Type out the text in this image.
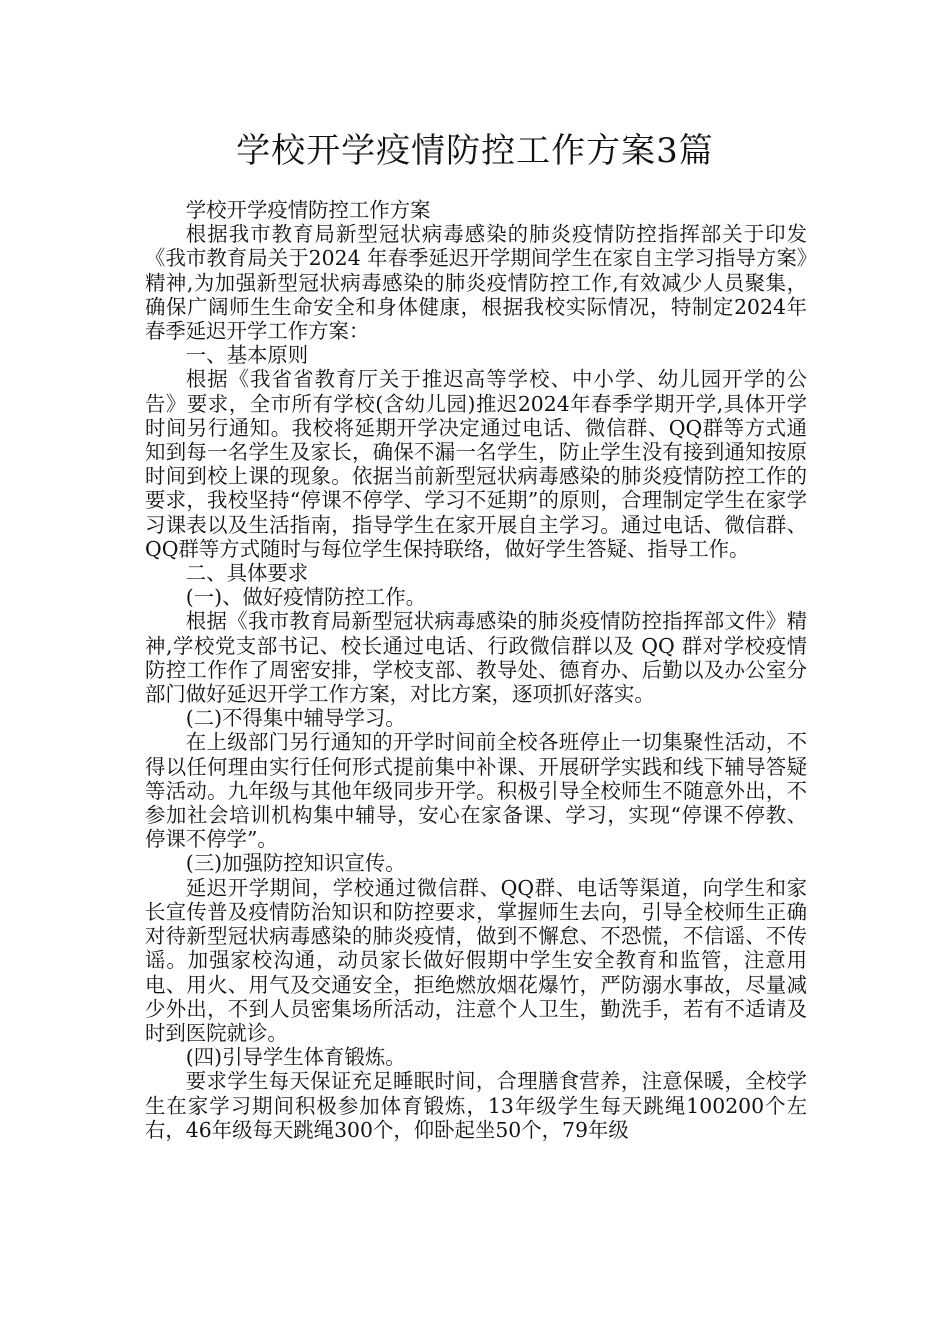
学校开学疫情防控工作方案3篇

学校开学疫情防控工作方案

根据我市教育局新型冠状病毒感染的肺炎疫情防控指挥部关于印发《我市教育局关于2024 年春季延迟开学期间学生在家自主学习指导方案》精神,为加强新型冠状病毒感染的肺炎疫情防控工作,有效减少人员聚集，确保广阔师生生命安全和身体健康，根据我校实际情况，特制定2024年春季延迟开学工作方案：

一、基本原则

根据《我省省教育厅关于推迟高等学校、中小学、幼儿园开学的公告》要求，全市所有学校(含幼儿园)推迟2024年春季学期开学,具体开学时间另行通知。我校将延期开学决定通过电话、微信群、QQ群等方式通知到每一名学生及家长，确保不漏一名学生，防止学生没有接到通知按原时间到校上课的现象。依据当前新型冠状病毒感染的肺炎疫情防控工作的要求，我校坚持“停课不停学、学习不延期”的原则，合理制定学生在家学习课表以及生活指南，指导学生在家开展自主学习。通过电话、微信群、QQ群等方式随时与每位学生保持联络，做好学生答疑、指导工作。

二、具体要求

(一)、做好疫情防控工作。

根据《我市教育局新型冠状病毒感染的肺炎疫情防控指挥部文件》精神,学校党支部书记、校长通过电话、行政微信群以及 QQ 群对学校疫情防控工作作了周密安排，学校支部、教导处、德育办、后勤以及办公室分部门做好延迟开学工作方案，对比方案，逐项抓好落实。

(二)不得集中辅导学习。

在上级部门另行通知的开学时间前全校各班停止一切集聚性活动，不得以任何理由实行任何形式提前集中补课、开展研学实践和线下辅导答疑等活动。九年级与其他年级同步开学。积极引导全校师生不随意外出，不参加社会培训机构集中辅导，安心在家备课、学习，实现“停课不停教、停课不停学”。

(三)加强防控知识宣传。

延迟开学期间，学校通过微信群、QQ群、电话等渠道，向学生和家长宣传普及疫情防治知识和防控要求，掌握师生去向，引导全校师生正确对待新型冠状病毒感染的肺炎疫情，做到不懈怠、不恐慌，不信谣、不传谣。加强家校沟通，动员家长做好假期中学生安全教育和监管，注意用电、用火、用气及交通安全，拒绝燃放烟花爆竹，严防溺水事故，尽量减少外出，不到人员密集场所活动，注意个人卫生，勤洗手，若有不适请及时到医院就诊。

(四)引导学生体育锻炼。

要求学生每天保证充足睡眠时间，合理膳食营养，注意保暖，全校学生在家学习期间积极参加体育锻炼，13年级学生每天跳绳100200个左右，46年级每天跳绳300个，仰卧起坐50个，79年级
